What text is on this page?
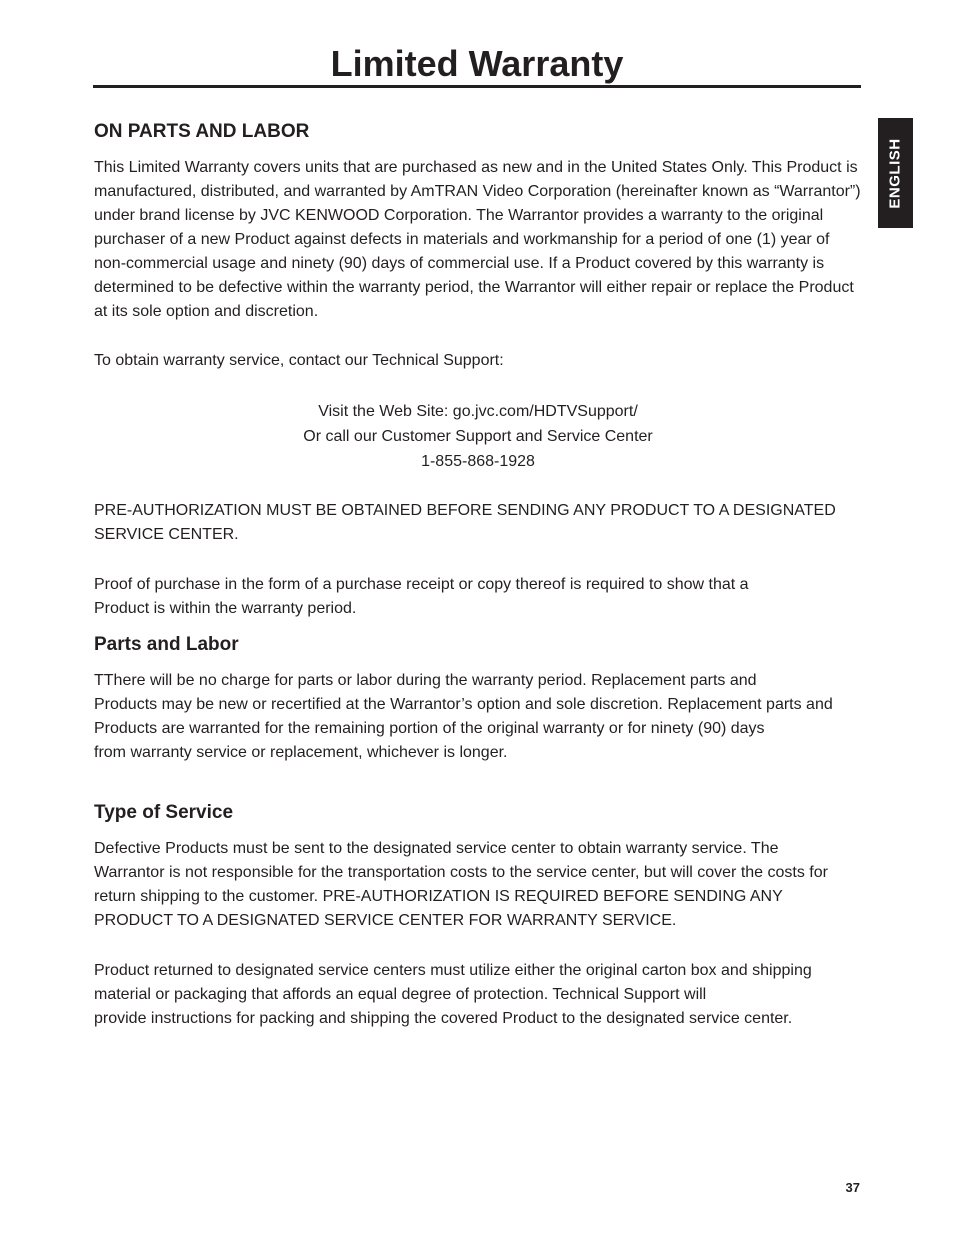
Limited Warranty
ENGLISH
ON PARTS AND LABOR

This Limited Warranty covers units that are purchased as new and in the United States Only. This Product is manufactured, distributed, and warranted by AmTRAN Video Corporation (hereinafter known as “Warrantor”) under brand license by JVC KENWOOD Corporation. The Warrantor provides a warranty to the original purchaser of a new Product against defects in materials and workmanship for a period of one (1) year of non-commercial usage and ninety (90) days of commercial use. If a Product covered by this warranty is determined to be defective within the warranty period, the Warrantor will either repair or replace the Product at its sole option and discretion.

To obtain warranty service, contact our Technical Support:

Visit the Web Site: go.jvc.com/HDTVSupport/

Or call our Customer Support and Service Center

1-855-868-1928

PRE-AUTHORIZATION MUST BE OBTAINED BEFORE SENDING ANY PRODUCT TO A DESIGNATED SERVICE CENTER.

Proof of purchase in the form of a purchase receipt or copy thereof is required to show that a

Product is within the warranty period.

Parts and Labor

TThere will be no charge for parts or labor during the warranty period. Replacement parts and

Products may be new or recertified at the Warrantor’s option and sole discretion. Replacement parts and

Products are warranted for the remaining portion of the original warranty or for ninety (90) days

from warranty service or replacement, whichever is longer.

Type of Service

Defective Products must be sent to the designated service center to obtain warranty service. The

Warrantor is not responsible for the transportation costs to the service center, but will cover the costs for

return shipping to the customer. PRE-AUTHORIZATION IS REQUIRED BEFORE SENDING ANY

PRODUCT TO A DESIGNATED SERVICE CENTER FOR WARRANTY SERVICE.

Product returned to designated service centers must utilize either the original carton box and shipping

material or packaging that affords an equal degree of protection. Technical Support will

provide instructions for packing and shipping the covered Product to the designated service center.

37
